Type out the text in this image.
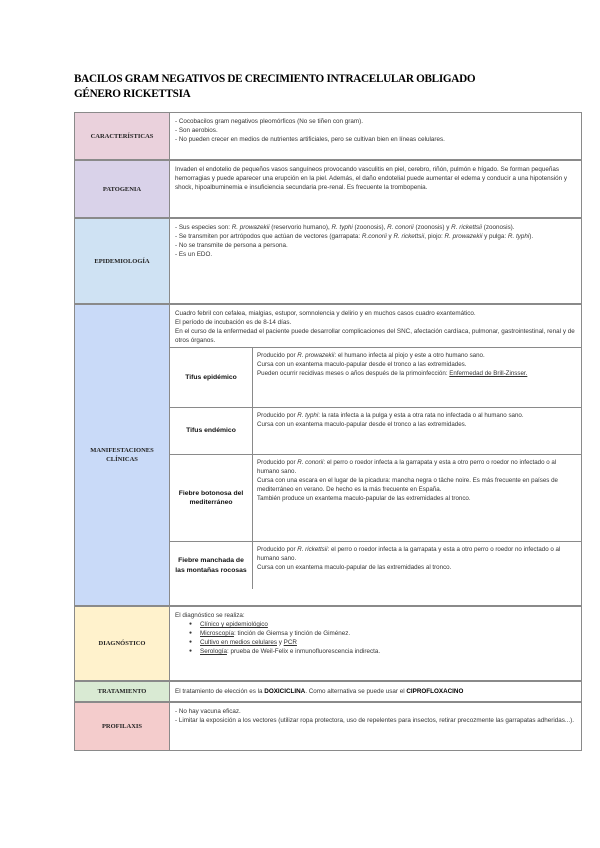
BACILOS GRAM NEGATIVOS DE CRECIMIENTO INTRACELULAR OBLIGADO
GÉNERO RICKETTSIA
CARACTERÍSTICAS
- Cocobacilos gram negativos pleomórficos (No se tiñen con gram).
- Son aerobios.
- No pueden crecer en medios de nutrientes artificiales, pero se cultivan bien en líneas celulares.
PATOGENIA
Invaden el endotelio de pequeños vasos sanguíneos provocando vasculitis en piel, cerebro, riñón, pulmón e hígado. Se forman pequeñas hemorragias y puede aparecer una erupción en la piel. Además, el daño endotelial puede aumentar el edema y conducir a una hipotensión y shock, hipoalbuminemia e insuficiencia secundaria pre-renal. Es frecuente la trombopenia.
EPIDEMIOLOGÍA
- Sus especies son: R. prowazekii (reservorio humano), R. typhi (zoonosis), R. conorii (zoonosis) y R. rickettsii (zoonosis).
- Se transmiten por artrópodos que actúan de vectores (garrapata: R.conorii y R. rickettsii, piojo: R. prowazekii y pulga: R. typhi).
- No se transmite de persona a persona.
- Es un EDO.
MANIFESTACIONES CLÍNICAS
Cuadro febril con cefalea, mialgias, estupor, somnolencia y delirio y en muchos casos cuadro exantemático.
El período de incubación es de 8-14 días.
En el curso de la enfermedad el paciente puede desarrollar complicaciones del SNC, afectación cardíaca, pulmonar, gastrointestinal, renal y de otros órganos.
Tifus epidémico
Producido por R. prowazekii: el humano infecta al piojo y este a otro humano sano.
Cursa con un exantema maculo-papular desde el tronco a las extremidades.
Pueden ocurrir recidivas meses o años después de la primoinfección: Enfermedad de Brill-Zinsser.
Tifus endémico
Producido por R. typhi: la rata infecta a la pulga y esta a otra rata no infectada o al humano sano.
Cursa con un exantema maculo-papular desde el tronco a las extremidades.
Fiebre botonosa del mediterráneo
Producido por R. conorii: el perro o roedor infecta a la garrapata y esta a otro perro o roedor no infectado o al humano sano.
Cursa con una escara en el lugar de la picadura: mancha negra o tâche noire. Es más frecuente en países de mediterráneo en verano. De hecho es la más frecuente en España.
También produce un exantema maculo-papular de las extremidades al tronco.
Fiebre manchada de las montañas rocosas
Producido por R. rickettsii: el perro o roedor infecta a la garrapata y esta a otro perro o roedor no infectado o al humano sano.
Cursa con un exantema maculo-papular de las extremidades al tronco.
DIAGNÓSTICO
El diagnóstico se realiza:
● Clínico y epidemiológico
● Microscopía: tinción de Giemsa y tinción de Giménez.
● Cultivo en medios celulares y PCR
● Serología: prueba de Weil-Felix e inmunofluorescencia indirecta.
TRATAMIENTO	El tratamiento de elección es la DOXICICLINA. Como alternativa se puede usar el CIPROFLOXACINO
PROFILAXIS
- No hay vacuna eficaz.
- Limitar la exposición a los vectores (utilizar ropa protectora, uso de repelentes para insectos, retirar precozmente las garrapatas adheridas...).
